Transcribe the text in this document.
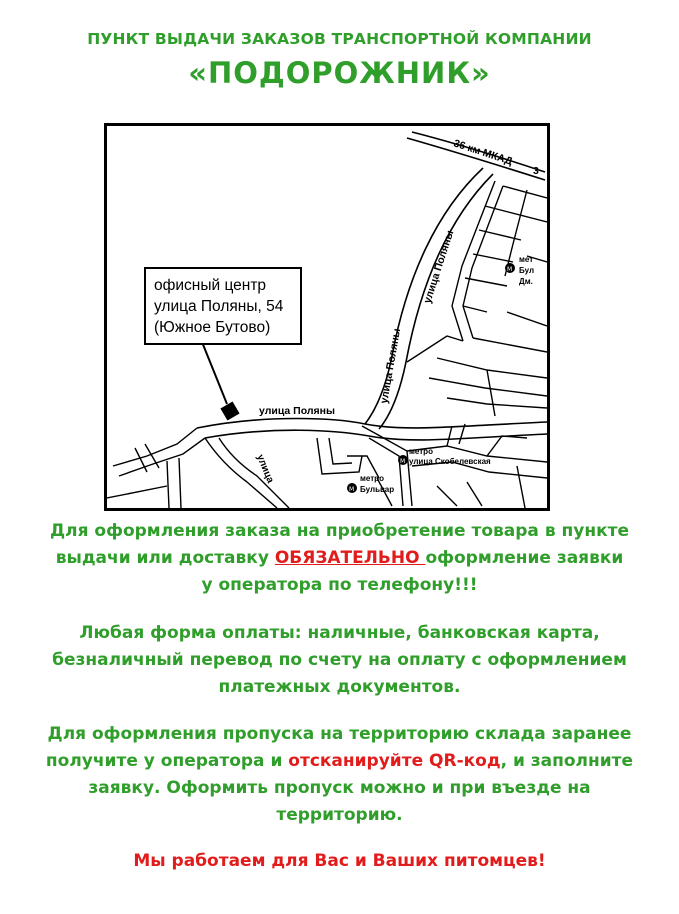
ПУНКТ ВЫДАЧИ ЗАКАЗОВ ТРАНСПОРТНОЙ КОМПАНИИ
«ПОДОРОЖНИК»
М
М
М
36 км МКАД
3
улица Поляны
улица Поляны
улица Поляны
улица
метро
улица Скобелевская
метро
Бульвар
мет
Бул
Дм.
офисный центр
улица Поляны, 54
(Южное Бутово)
Для оформления заказа на приобретение товара в пункте
выдачи или доставку ОБЯЗАТЕЛЬНО оформление заявки
у оператора по телефону!!!
Любая форма оплаты: наличные, банковская карта,
безналичный перевод по счету на оплату с оформлением
платежных документов.
Для оформления пропуска на территорию склада заранее
получите у оператора и отсканируйте QR-код, и заполните
заявку. Оформить пропуск можно и при въезде на
территорию.
Мы работаем для Вас и Ваших питомцев!
